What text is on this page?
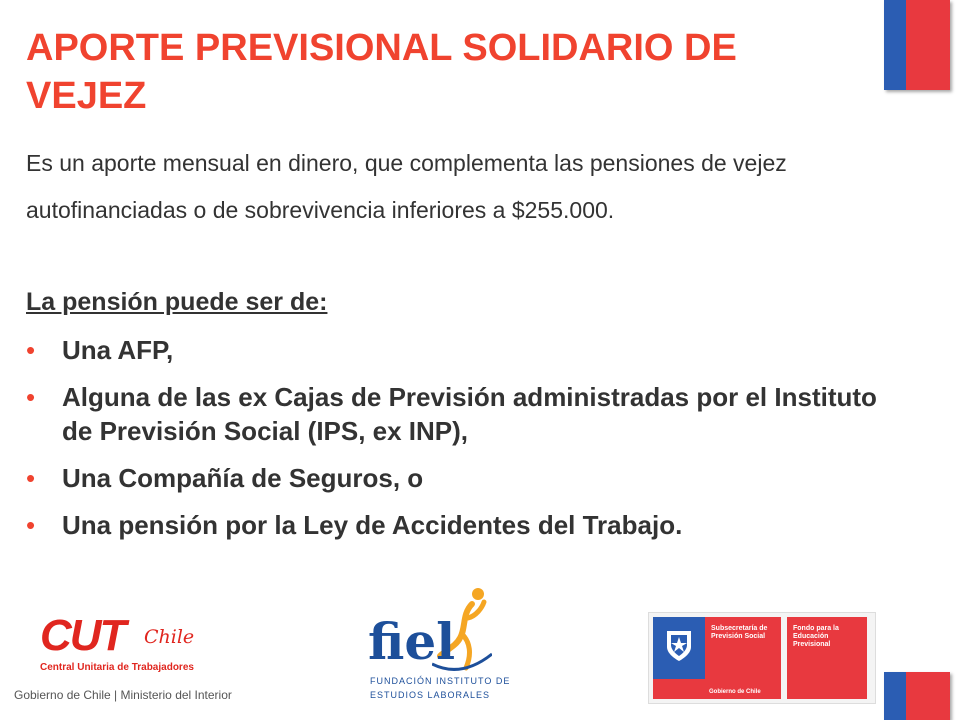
APORTE PREVISIONAL SOLIDARIO DE VEJEZ

Es un aporte mensual en dinero, que complementa las pensiones de vejez autofinanciadas o de sobrevivencia inferiores a $255.000.

La pensión puede ser de:

• Una AFP,
• Alguna de las ex Cajas de Previsión administradas por el Instituto de Previsión Social (IPS, ex INP),
• Una Compañía de Seguros, o
• Una pensión por la Ley de Accidentes del Trabajo.
CUT Chile
Central Unitaria de Trabajadores	fiel
FUNDACIÓN INSTITUTO DE
ESTUDIOS LABORALES
Subsecretaría de Previsión Social
Gobierno de Chile
Fondo para la Educación Previsional
Gobierno de Chile | Ministerio del Interior
